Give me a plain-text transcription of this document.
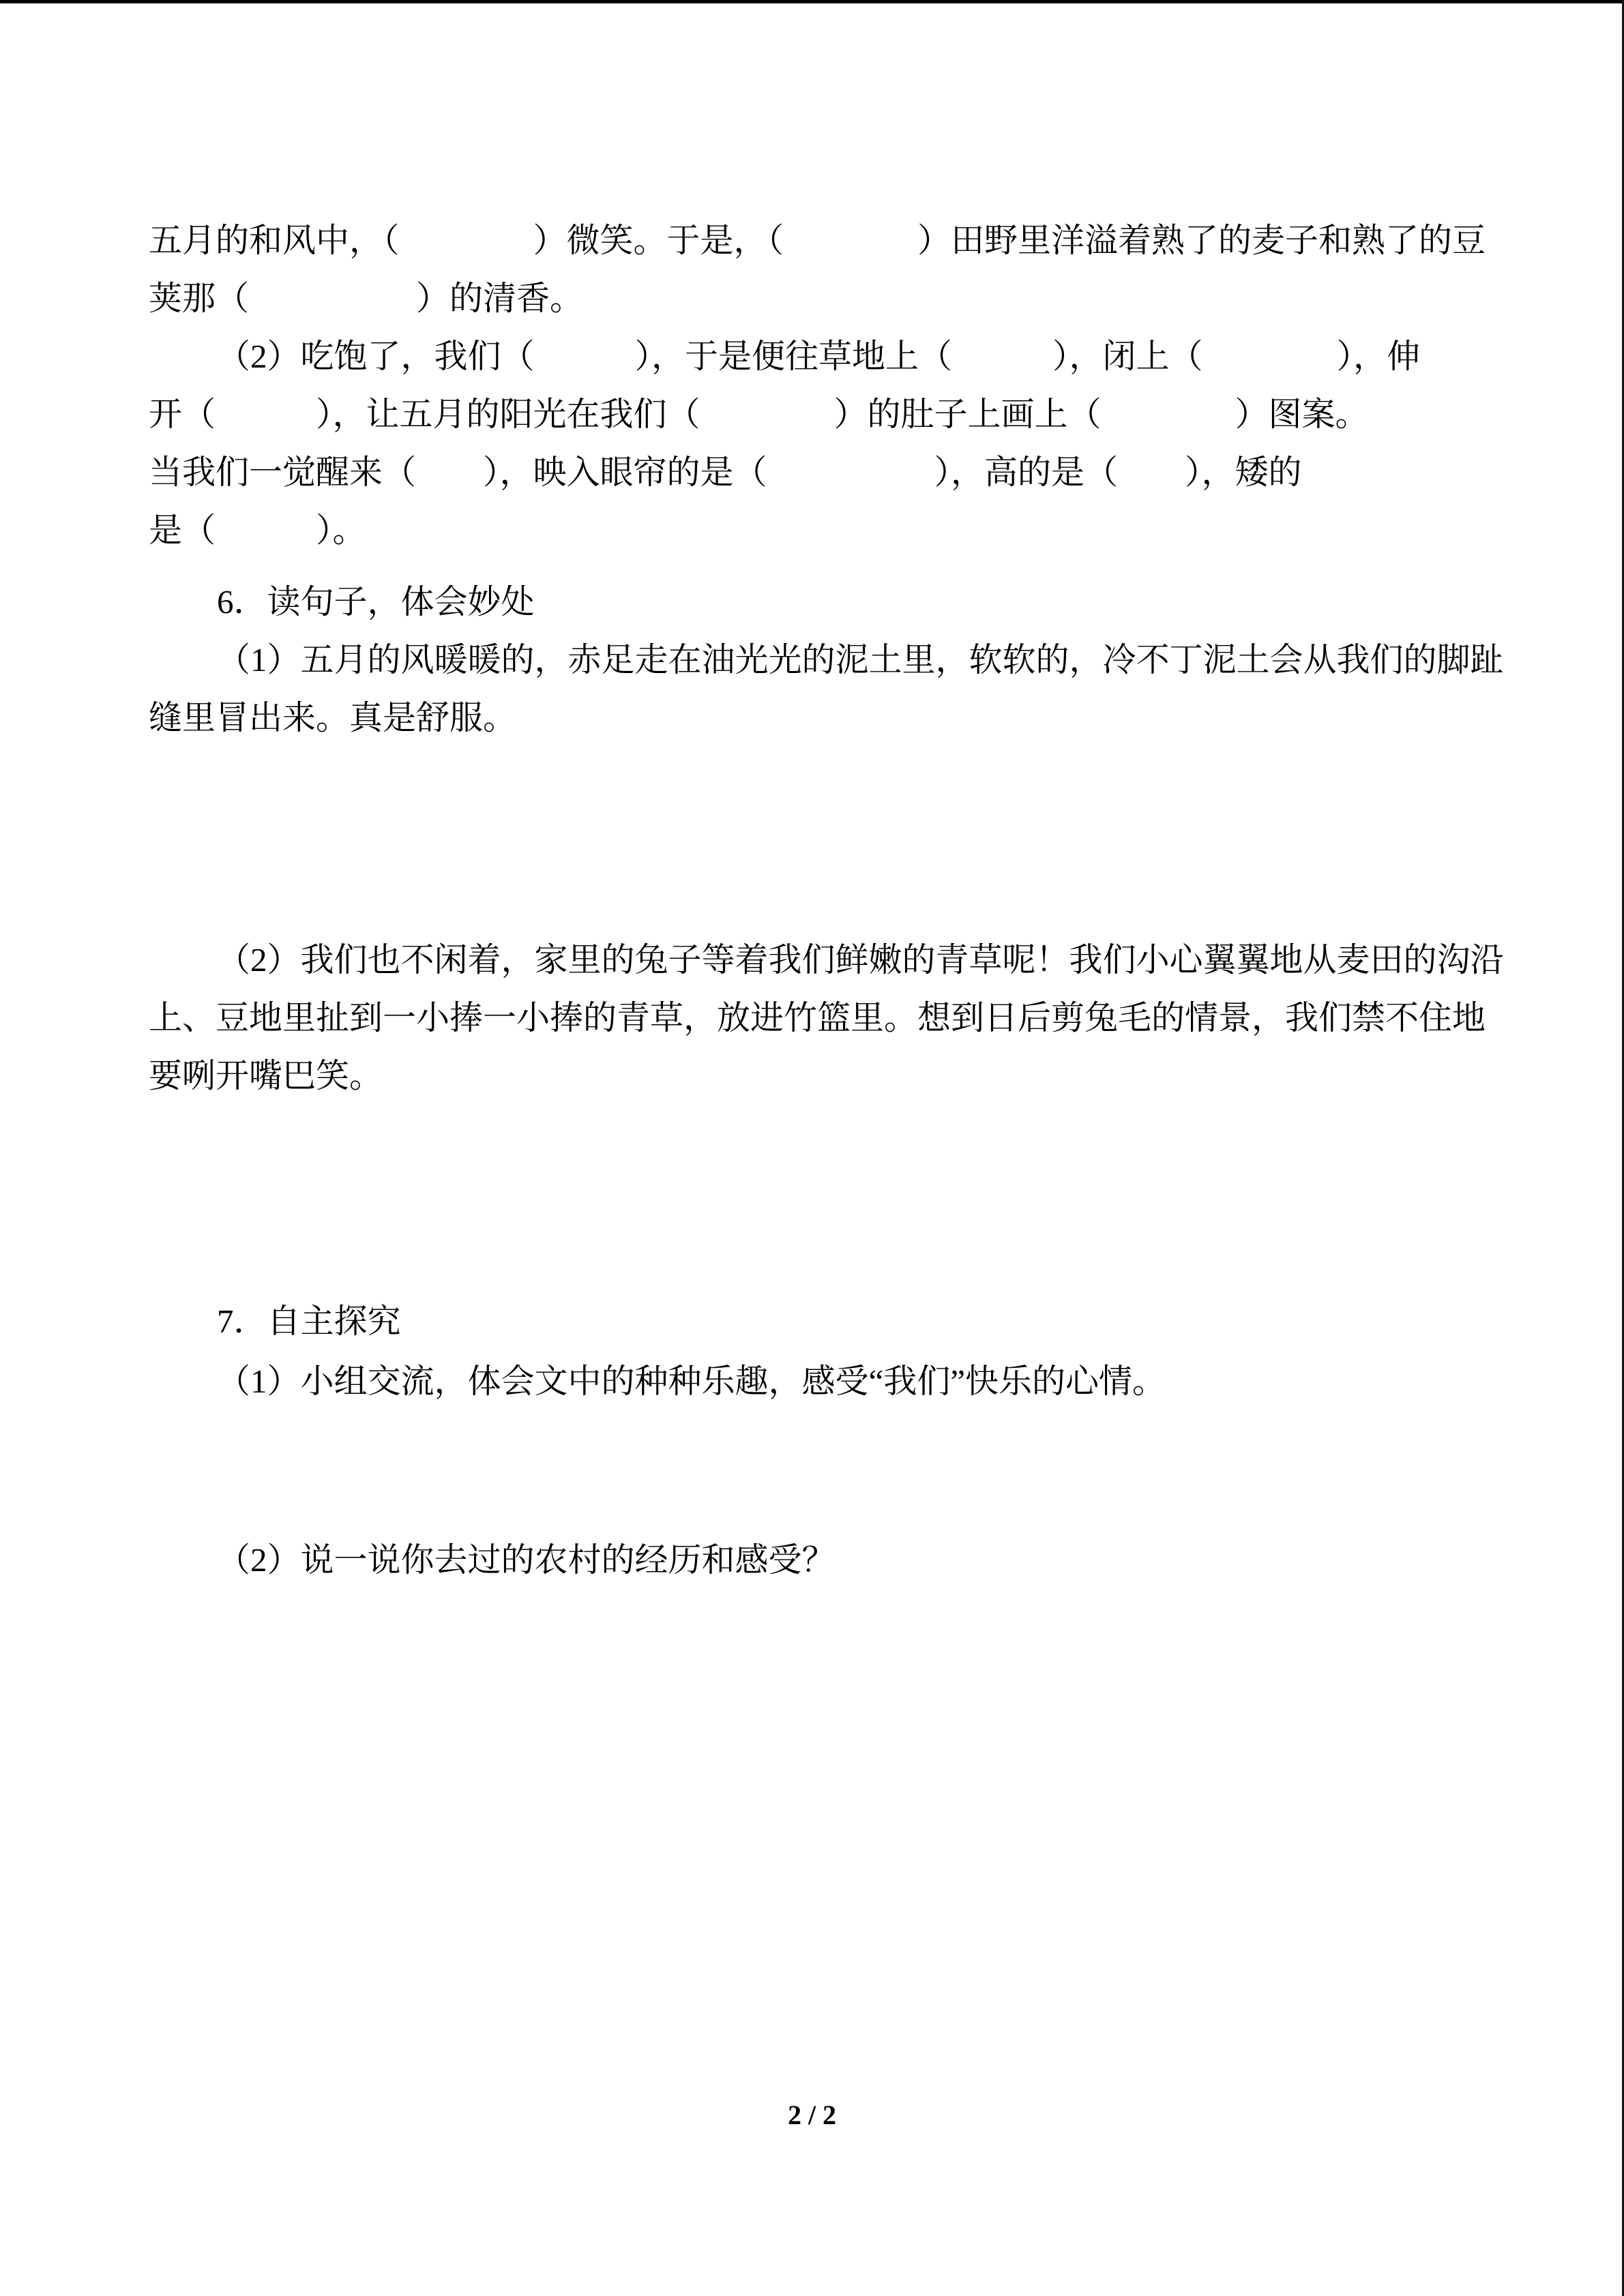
五月的和风中，（　　　　）微笑。于是，（　　　　）田野里洋溢着熟了的麦子和熟了的豆
荚那（　　　　　）的清香。
（2）吃饱了，我们（　　　），于是便往草地上（　　　），闭上（　　　　），伸
开（　　　），让五月的阳光在我们（　　　　）的肚子上画上（　　　　）图案。
当我们一觉醒来（　　），映入眼帘的是（　　　　　），高的是（　　），矮的
是（　　　）。
6．读句子，体会妙处
（1）五月的风暖暖的，赤足走在油光光的泥土里，软软的，冷不丁泥土会从我们的脚趾
缝里冒出来。真是舒服。
（2）我们也不闲着，家里的兔子等着我们鲜嫩的青草呢！我们小心翼翼地从麦田的沟沿
上、豆地里扯到一小捧一小捧的青草，放进竹篮里。想到日后剪兔毛的情景，我们禁不住地
要咧开嘴巴笑。
7．自主探究
（1）小组交流，体会文中的种种乐趣，感受“我们”快乐的心情。
（2）说一说你去过的农村的经历和感受？
2 / 2
